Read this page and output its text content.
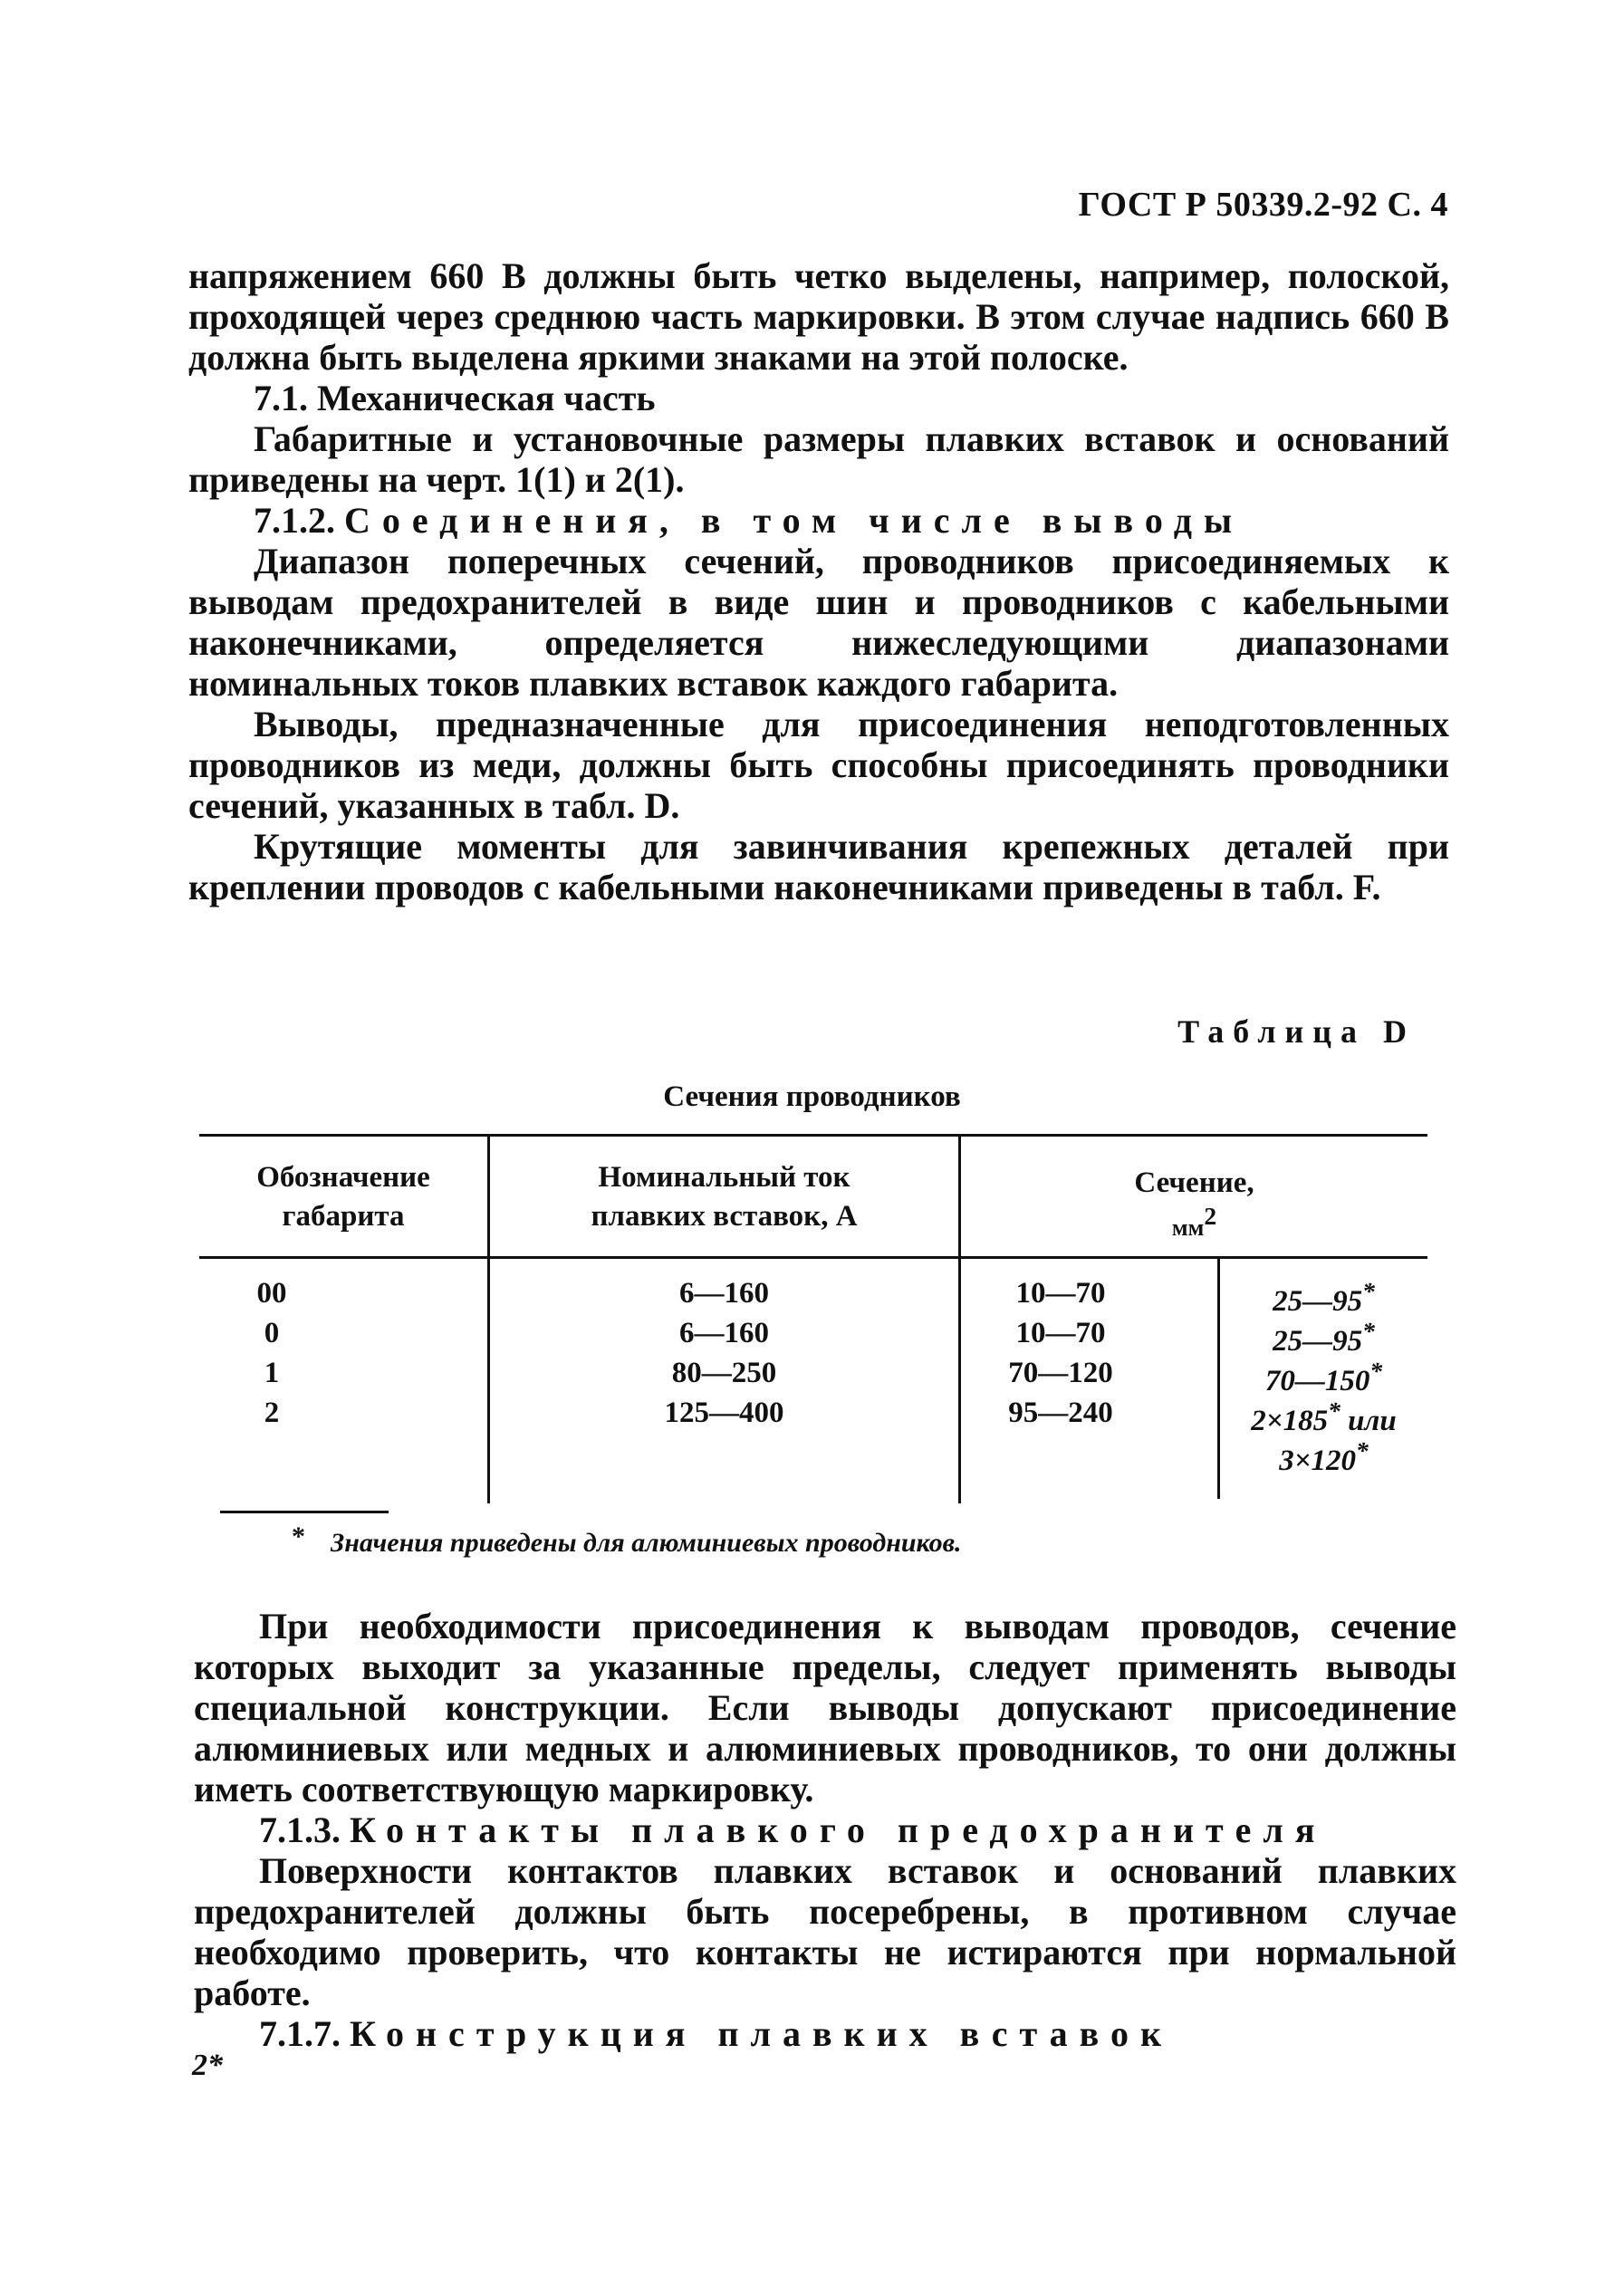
ГОСТ Р 50339.2-92 С. 4

напряжением 660 В должны быть четко выделены, например, полоской, проходящей через среднюю часть маркировки. В этом случае надпись 660 В должна быть выделена яркими знаками на этой полоске.

7.1. Механическая часть

Габаритные и установочные размеры плавких вставок и оснований приведены на черт. 1(1) и 2(1).

7.1.2. Соединения, в том числе выводы

Диапазон поперечных сечений, проводников присоединяемых к выводам предохранителей в виде шин и проводников с кабельными наконечниками, определяется нижеследующими диапазонами номинальных токов плавких вставок каждого габарита.

Выводы, предназначенные для присоединения неподготовленных проводников из меди, должны быть способны присоединять проводники сечений, указанных в табл. D.

Крутящие моменты для завинчивания крепежных деталей при креплении проводов с кабельными наконечниками приведены в табл. F.

Таблица D
Сечения проводников
Обозначение
габарита
Номинальный ток
плавких вставок, А
Сечение,
$мм^2$
00	6—160	10—70	25—95*
0	6—160	10—70	25—95*
1	80—250	70—120	70—150*
2	125—400	95—240	2×185* или
3×120*
* Значения приведены для алюминиевых проводников.

При необходимости присоединения к выводам проводов, сечение которых выходит за указанные пределы, следует применять выводы специальной конструкции. Если выводы допускают присоединение алюминиевых или медных и алюминиевых проводников, то они должны иметь соответствующую маркировку.

7.1.3. Контакты плавкого предохранителя

Поверхности контактов плавких вставок и оснований плавких предохранителей должны быть посеребрены, в противном случае необходимо проверить, что контакты не истираются при нормальной работе.

7.1.7. Конструкция плавких вставок

2*
